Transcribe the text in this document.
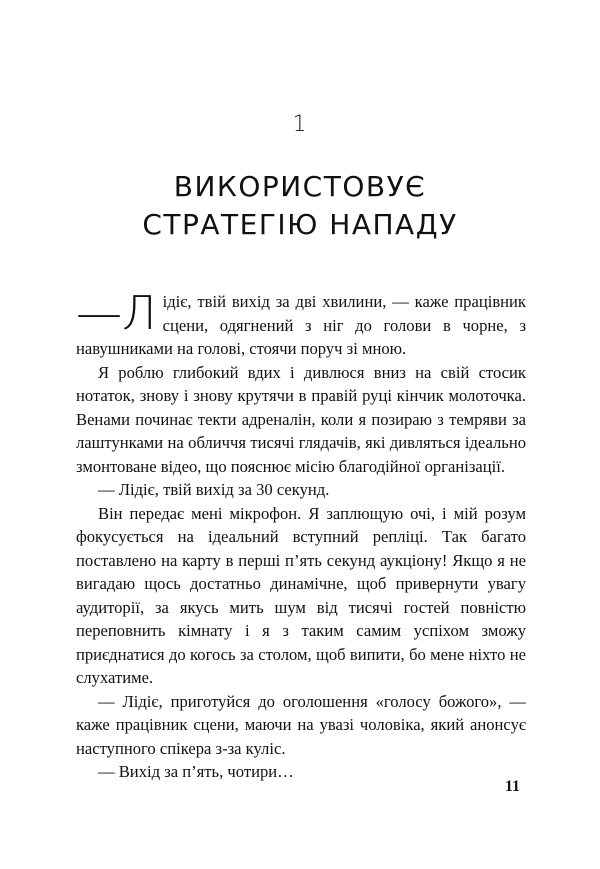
1
ВИКОРИСТОВУЄ
СТРАТЕГІЮ НАПАДУ

—Л ідіє, твій вихід за дві хвилини, — каже працівник сцени, одягнений з ніг до голови в чорне, з навушниками на голові, стоячи поруч зі мною.

Я роблю глибокий вдих і дивлюся вниз на свій стосик нотаток, знову і знову крутячи в правій руці кінчик молоточка. Венами починає текти адреналін, коли я позираю з темряви за лаштунками на обличчя тисячі глядачів, які дивляться ідеально змонтоване відео, що пояснює місію благодійної організації.

— Лідіє, твій вихід за 30 секунд.

Він передає мені мікрофон. Я заплющую очі, і мій розум фокусується на ідеальний вступний репліці. Так багато поставлено на карту в перші п’ять секунд аукціону! Якщо я не вигадаю щось достатньо динамічне, щоб привернути увагу аудиторії, за якусь мить шум від тисячі гостей повністю переповнить кімнату і я з таким самим успіхом зможу приєднатися до когось за столом, щоб випити, бо мене ніхто не слухатиме.

— Лідіє, приготуйся до оголошення «голосу божого», — каже працівник сцени, маючи на увазі чоловіка, який анонсує наступного спікера з-за куліс.

— Вихід за п’ять, чотири…

11
